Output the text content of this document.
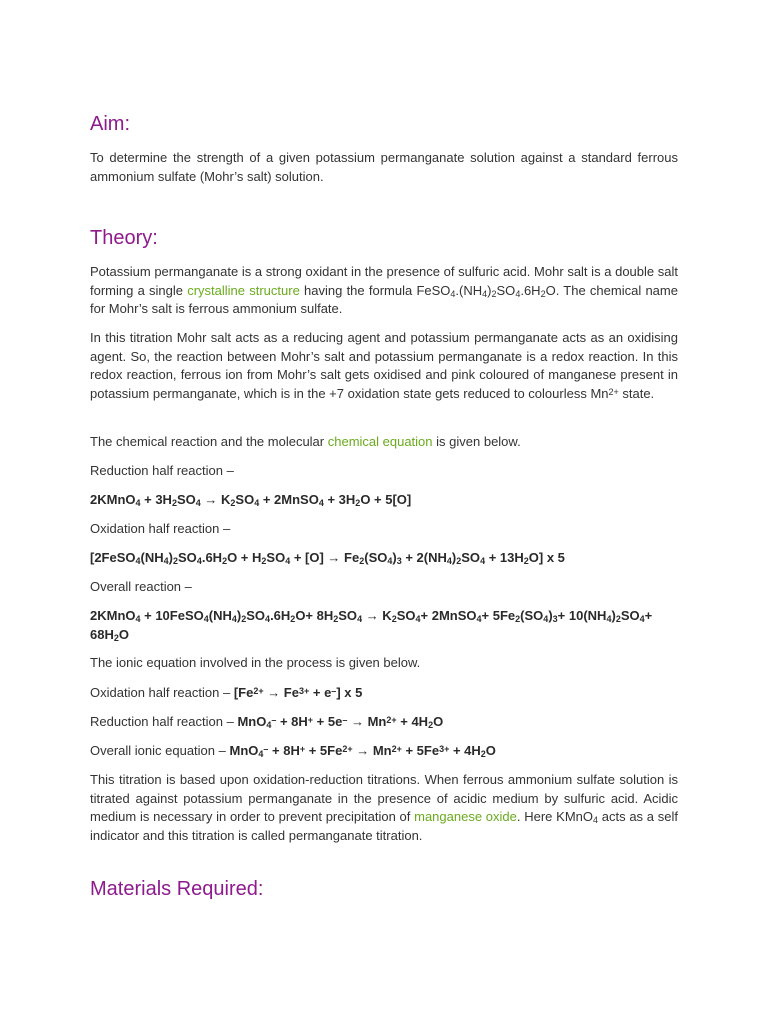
Aim:

To determine the strength of a given potassium permanganate solution against a standard ferrous ammonium sulfate (Mohr’s salt) solution.

Theory:

Potassium permanganate is a strong oxidant in the presence of sulfuric acid. Mohr salt is a double salt forming a single crystalline structure having the formula $FeSO_4.(NH_4)_2SO_4.6H_2O$. The chemical name for Mohr’s salt is ferrous ammonium sulfate.

In this titration Mohr salt acts as a reducing agent and potassium permanganate acts as an oxidising agent. So, the reaction between Mohr’s salt and potassium permanganate is a redox reaction. In this redox reaction, ferrous ion from Mohr’s salt gets oxidised and pink coloured of manganese present in potassium permanganate, which is in the +7 oxidation state gets reduced to colourless $Mn^{2+}$ state.

The chemical reaction and the molecular chemical equation is given below.

Reduction half reaction –

2KMnO$_4$ + $3H_2SO_4 \to K_2SO_4$ + 2MnSO$_4$ + $3H_2O + 5[O]$

Oxidation half reaction –

$[2FeSO_4(NH_4)_2SO_4.6H_2O + H_2SO_4 + [O] \to Fe_2(SO_4)_3 + 2(NH_4)_2SO_4 + 13H_2O]$ x 5

Overall reaction –

2KMnO$_4$ + $10FeSO_4(NH_4)_2SO_4.6H_2O+ 8H_2SO_4 \to K_2SO_4+$ 2MnSO$_4$+ $5Fe_2(SO_4)_3+ 10(NH_4)_2SO_4+ 68H_2O$

The ionic equation involved in the process is given below.

Oxidation half reaction – $[Fe^{2+} \to Fe^{3+} + e^-]$ x 5

Reduction half reaction – $MnO_4^- + 8H^+ + 5e^- \to Mn^{2+} + 4H_2O$

Overall ionic equation – $MnO_4^- + 8H^+ + 5Fe^{2+} \to Mn^{2+} + 5Fe^{3+} + 4H_2O$

This titration is based upon oxidation-reduction titrations. When ferrous ammonium sulfate solution is titrated against potassium permanganate in the presence of acidic medium by sulfuric acid. Acidic medium is necessary in order to prevent precipitation of manganese oxide. Here KMnO$_4$ acts as a self indicator and this titration is called permanganate titration.

Materials Required:
